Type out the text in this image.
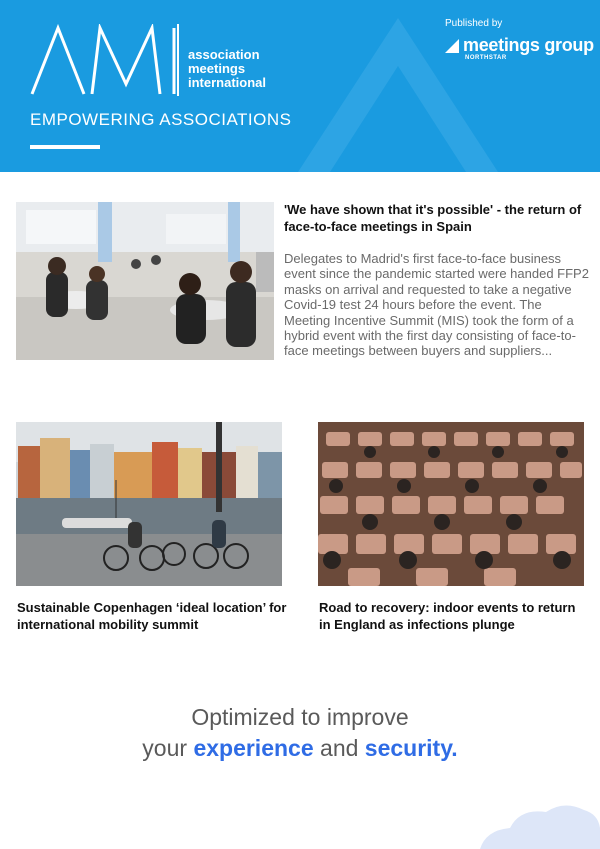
association
meetings
international
EMPOWERING ASSOCIATIONS
Published by
NORTHSTAR
meetings group
'We have shown that it's possible' - the return of face-to-face meetings in Spain
Delegates to Madrid's first face-to-face business event since the pandemic started were handed FFP2 masks on arrival and requested to take a negative Covid-19 test 24 hours before the event. The Meeting Incentive Summit (MIS) took the form of a hybrid event with the first day consisting of face-to-face meetings between buyers and suppliers...
Sustainable Copenhagen ‘ideal location’ for international mobility summit
Road to recovery: indoor events to return in England as infections plunge
Optimized to improve
your experience and security.
